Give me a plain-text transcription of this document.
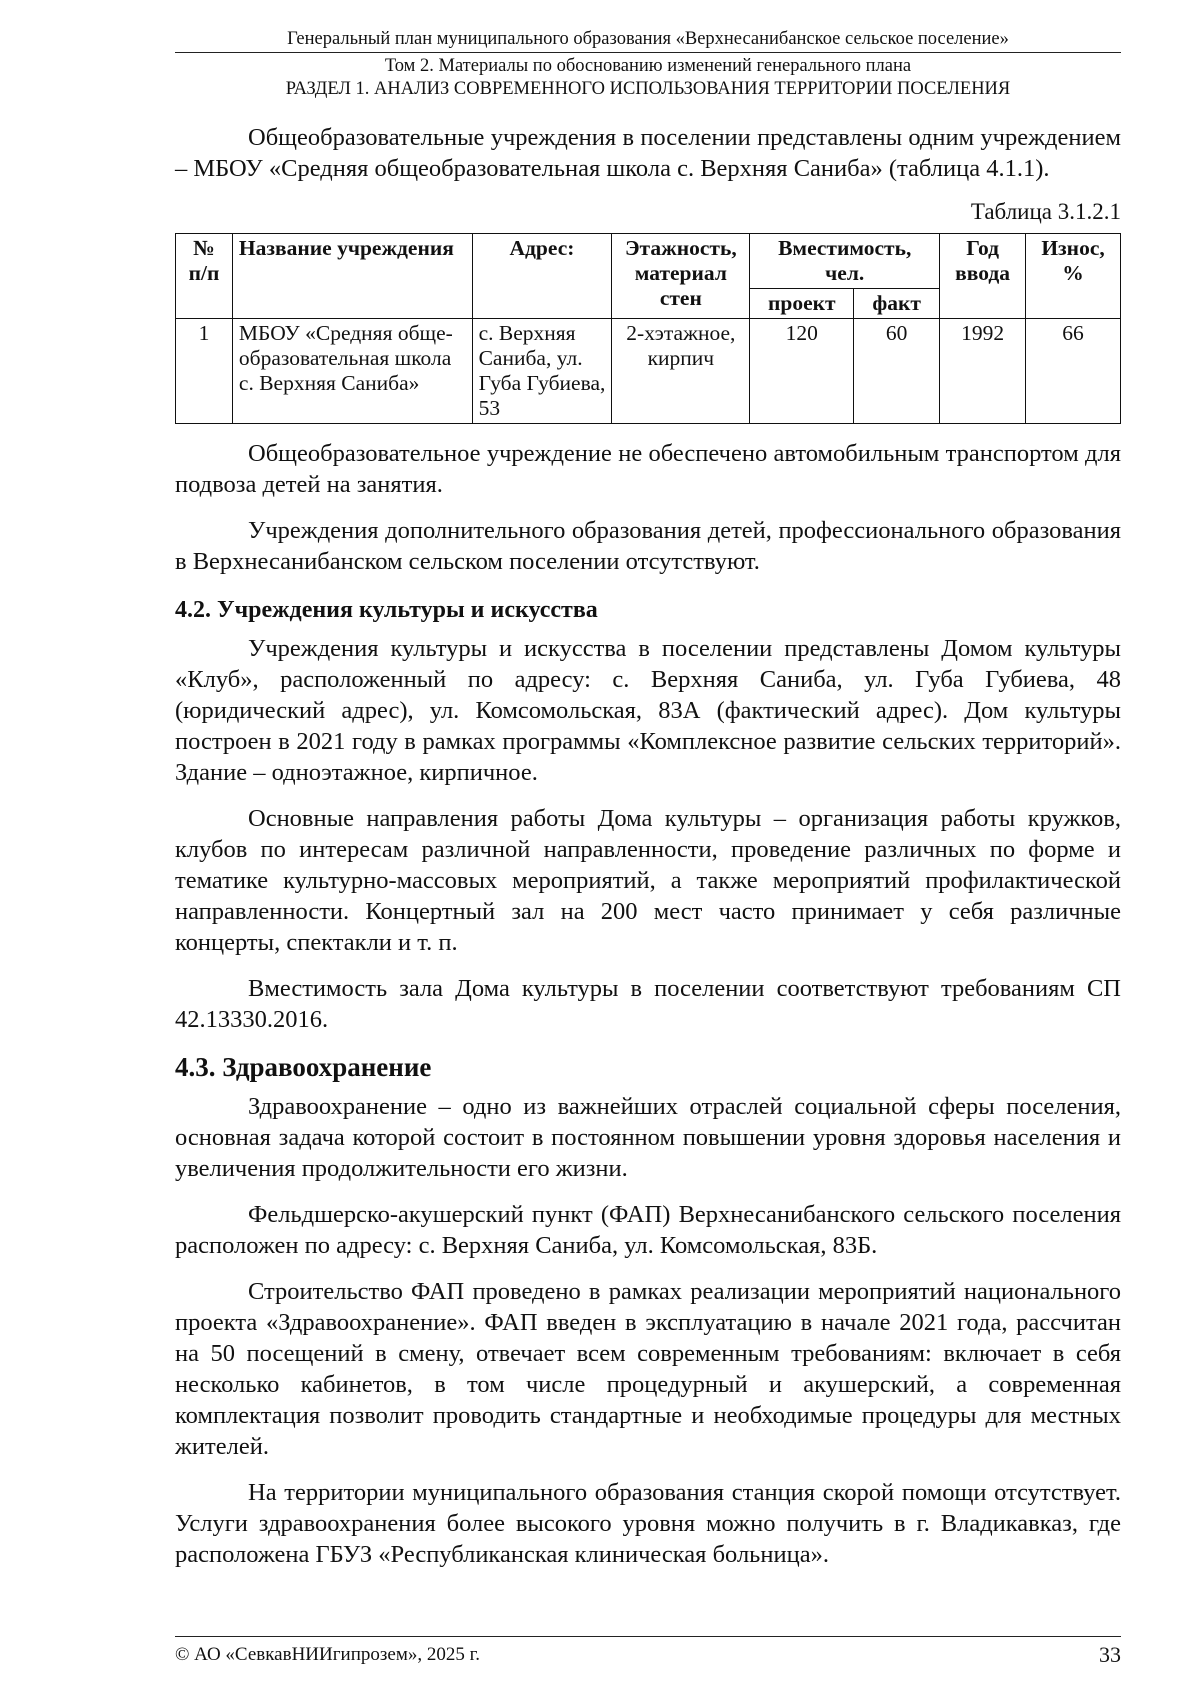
Генеральный план муниципального образования «Верхнесанибанское сельское поселение»
Том 2. Материалы по обоснованию изменений генерального плана
РАЗДЕЛ 1. АНАЛИЗ СОВРЕМЕННОГО ИСПОЛЬЗОВАНИЯ ТЕРРИТОРИИ ПОСЕЛЕНИЯ

Общеобразовательные учреждения в поселении представлены одним учреждением – МБОУ «Средняя общеобразовательная школа с. Верхняя Саниба» (таблица 4.1.1).

Таблица 3.1.2.1
№ п/п	Название учреждения	Адрес:	Этажность, материал стен	Вместимость, чел.		Год ввода	Износ, %
				проект	факт		
1	МБОУ «Средняя обще-образовательная школа с. Верхняя Саниба»	с. Верхняя Саниба, ул. Губа Губиева, 53	2-хэтажное, кирпич	120	60	1992	66

Общеобразовательное учреждение не обеспечено автомобильным транспортом для подвоза детей на занятия.

Учреждения дополнительного образования детей, профессионального образования в Верхнесанибанском сельском поселении отсутствуют.

4.2. Учреждения культуры и искусства

Учреждения культуры и искусства в поселении представлены Домом культуры «Клуб», расположенный по адресу: с. Верхняя Саниба, ул. Губа Губиева, 48 (юридический адрес), ул. Комсомольская, 83А (фактический адрес). Дом культуры построен в 2021 году в рамках программы «Комплексное развитие сельских территорий». Здание – одноэтажное, кирпичное.

Основные направления работы Дома культуры – организация работы кружков, клубов по интересам различной направленности, проведение различных по форме и тематике культурно-массовых мероприятий, а также мероприятий профилактической направленности. Концертный зал на 200 мест часто принимает у себя различные концерты, спектакли и т. п.

Вместимость зала Дома культуры в поселении соответствуют требованиям СП 42.13330.2016.

4.3. Здравоохранение

Здравоохранение – одно из важнейших отраслей социальной сферы поселения, основная задача которой состоит в постоянном повышении уровня здоровья населения и увеличения продолжительности его жизни.

Фельдшерско-акушерский пункт (ФАП) Верхнесанибанского сельского поселения расположен по адресу: с. Верхняя Саниба, ул. Комсомольская, 83Б.

Строительство ФАП проведено в рамках реализации мероприятий национального проекта «Здравоохранение». ФАП введен в эксплуатацию в начале 2021 года, рассчитан на 50 посещений в смену, отвечает всем современным требованиям: включает в себя несколько кабинетов, в том числе процедурный и акушерский, а современная комплектация позволит проводить стандартные и необходимые процедуры для местных жителей.

На территории муниципального образования станция скорой помощи отсутствует. Услуги здравоохранения более высокого уровня можно получить в г. Владикавказ, где расположена ГБУЗ «Республиканская клиническая больница».

© АО «СевкавНИИгипрозем», 2025 г.	33
